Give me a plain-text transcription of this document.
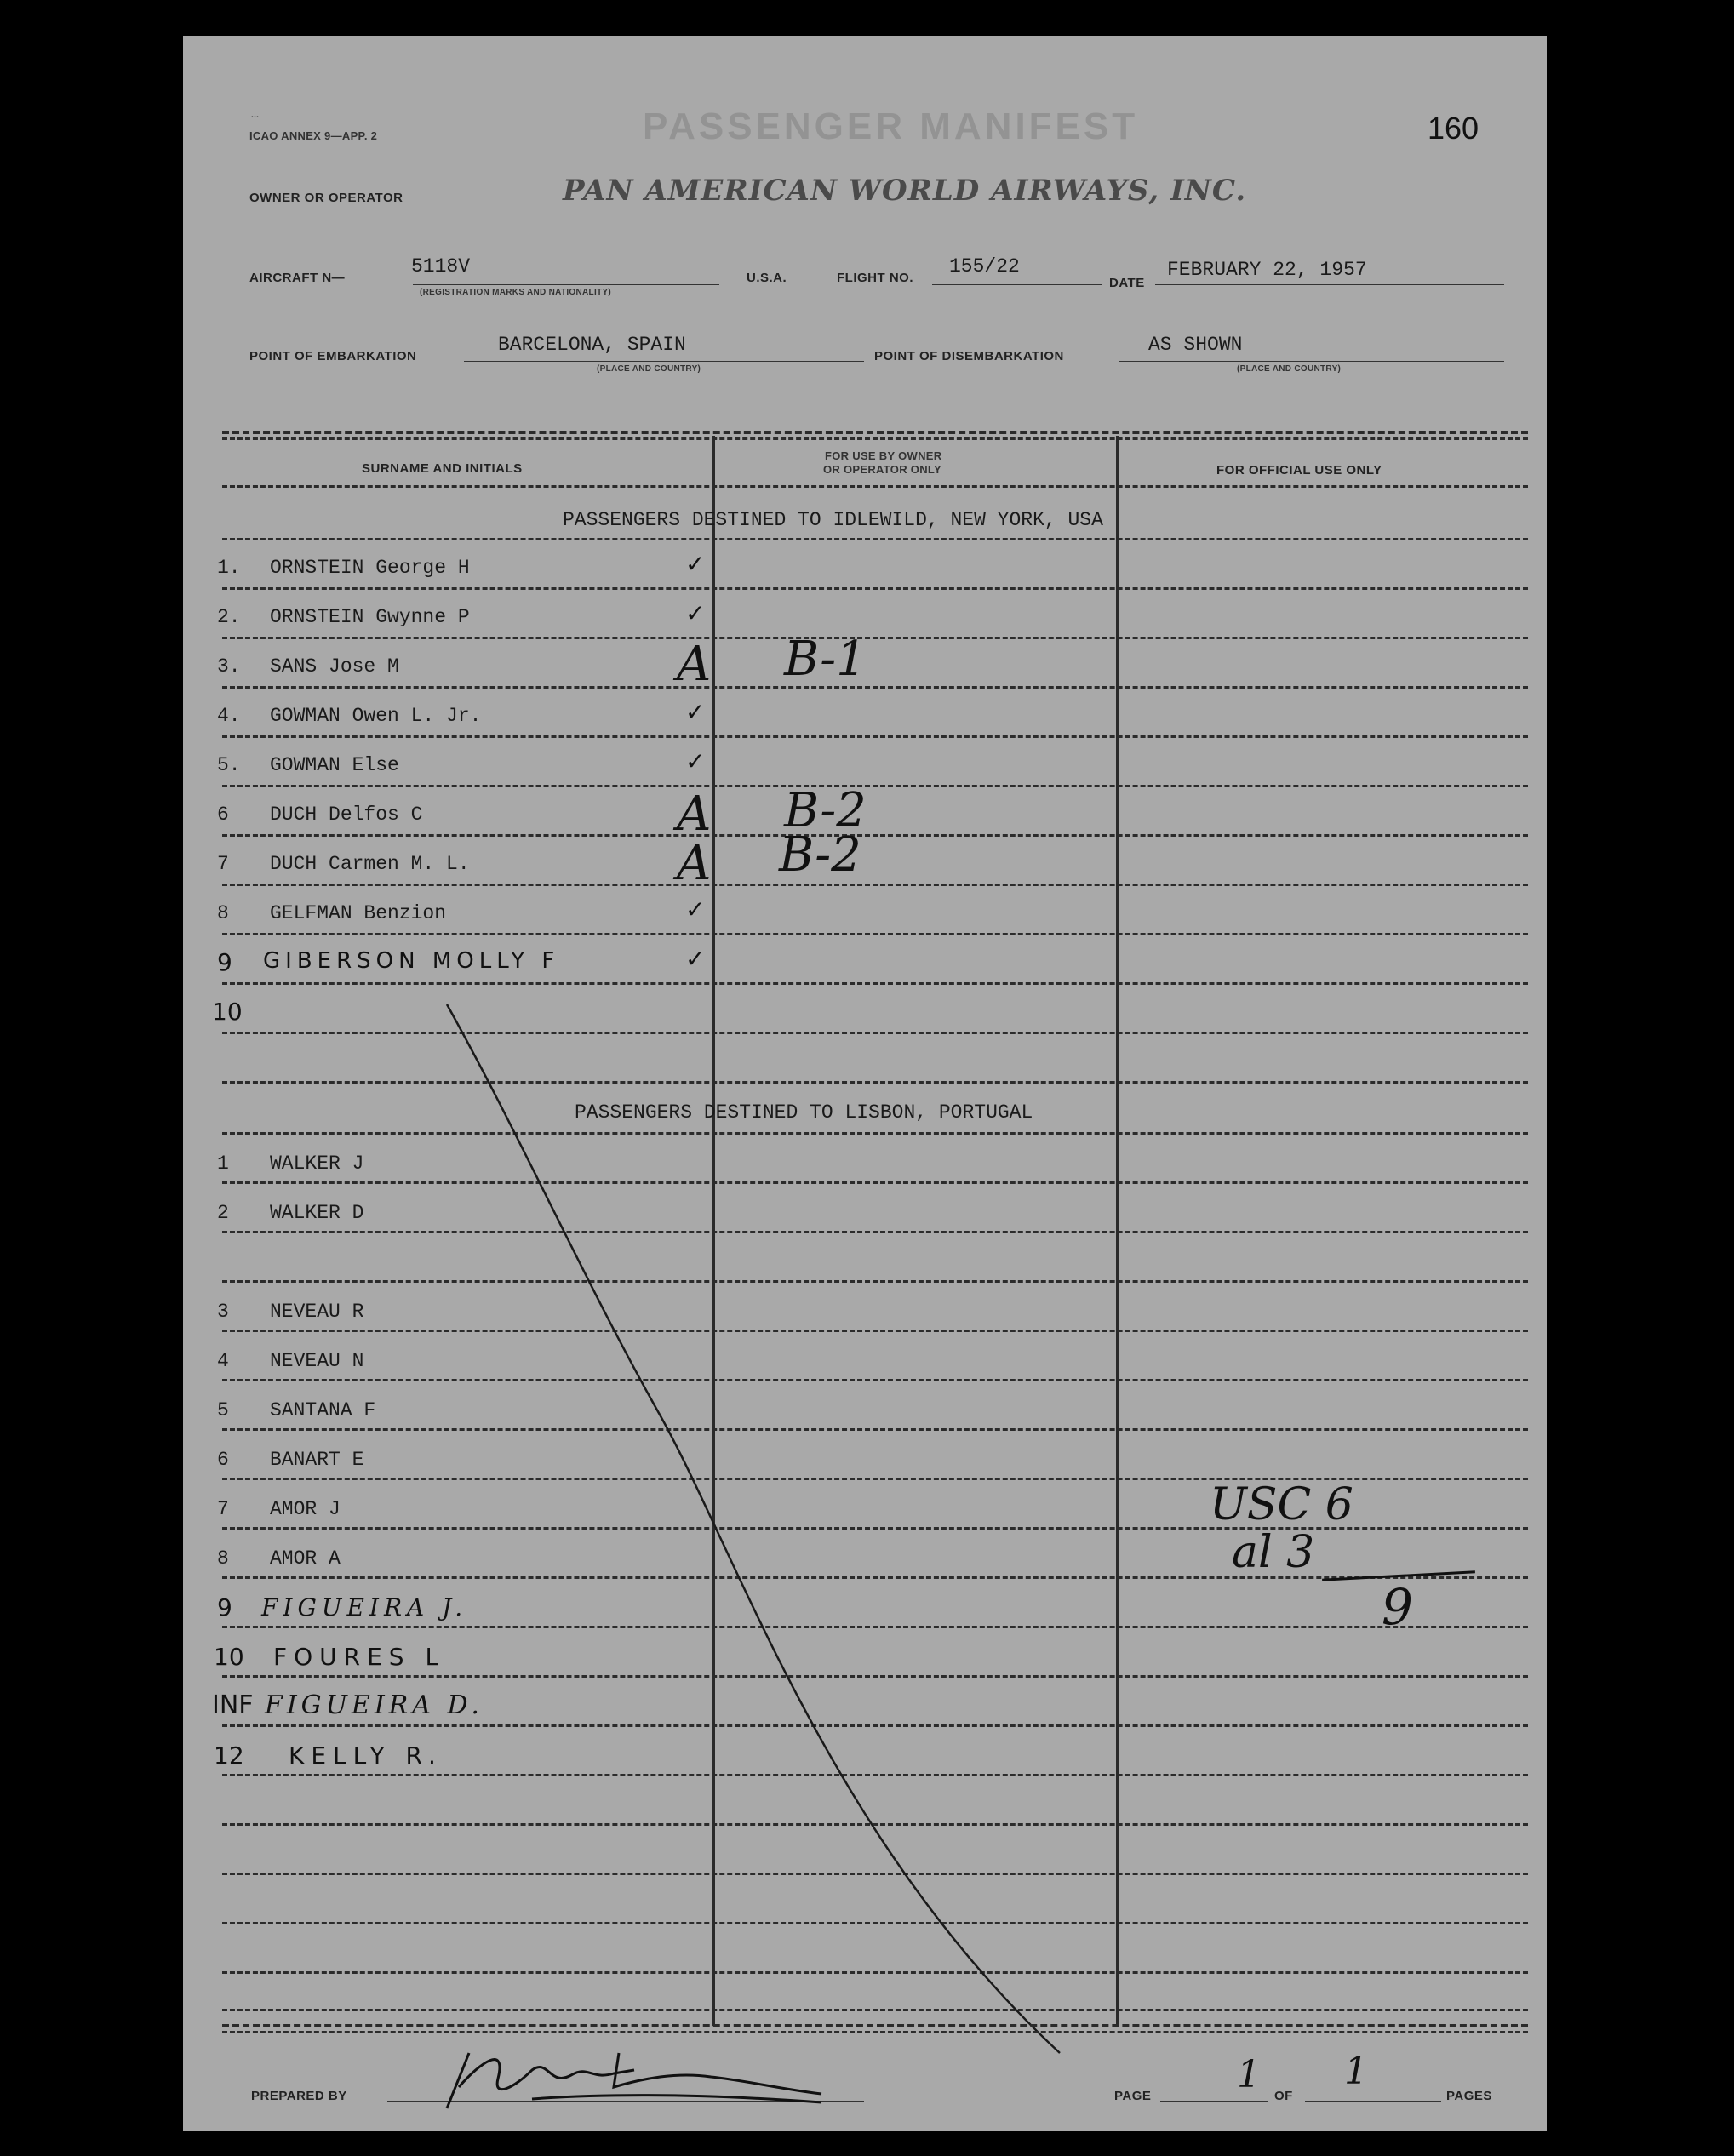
...
ICAO ANNEX 9—APP. 2	PASSENGER MANIFEST	160
OWNER OR OPERATOR	PAN AMERICAN WORLD AIRWAYS, INC.
AIRCRAFT N—
5118V
(REGISTRATION MARKS AND NATIONALITY)
U.S.A.	FLIGHT NO.
155/22
DATE
FEBRUARY 22, 1957
POINT OF EMBARKATION
BARCELONA, SPAIN
(PLACE AND COUNTRY)
POINT OF DISEMBARKATION
AS SHOWN
(PLACE AND COUNTRY)
SURNAME AND INITIALS
FOR USE BY OWNER
OR OPERATOR ONLY	FOR OFFICIAL USE ONLY
PASSENGERS DESTINED TO IDLEWILD, NEW YORK, USA
1. ORNSTEIN George H	✓
2. ORNSTEIN Gwynne P	✓
3. SANS Jose M	A B-1
4. GOWMAN Owen L. Jr.	✓
5. GOWMAN Else	✓
6 DUCH Delfos C	A B-2
7 DUCH Carmen M. L.	A B-2
8 GELFMAN Benzion	✓
9 GIBERSON MOLLY F	✓
10
PASSENGERS DESTINED TO LISBON, PORTUGAL
1 WALKER J
2 WALKER D
3 NEVEAU R
4 NEVEAU N
5 SANTANA F
6 BANART E
7 AMOR J
8 AMOR A
9 FIGUEIRA J.
10 FOURES L
INF FIGUEIRA D.
12 KELLY R.
USC 6
al 3
9
PREPARED BY	PAGE 1 OF
1
PAGES
